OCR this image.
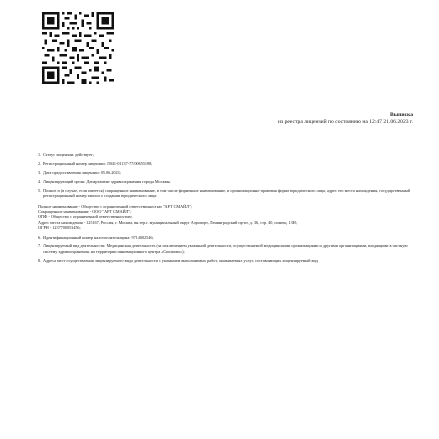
Выписка
из реестра лицензий по состоянию на 12:47 21.06.2023 г.
1. Статус лицензии: действует;
2. Регистрационный номер лицензии: Л041-01137-77/00655188;
3. Дата предоставления лицензии: 05.06.2023;
4. Лицензирующий орган: Департамент здравоохранения города Москвы;
5. Полное и (в случае, если имеется) сокращенное наименование, в том числе фирменное наименование, и организационно-правовая форма юридического лица, адрес его места нахождения, государственный регистрационный номер записи о создании юридического лица:

Полное наименование - Общество с ограниченной ответственностью "АРТ СМАЙЛ";

Сокращенное наименование - ООО "АРТ СМАЙЛ";

ОПФ - Общество с ограниченной ответственностью;

Адрес места нахождения - 125167, Россия, г. Москва, вн.тер.г. муниципальный округ Аэропорт, Ленинградский пр-кт, д. 36, стр. 40, помещ. 13Н;

ОГРН - 1237700053456;

6. Идентификационный номер налогоплательщика: 9714002546;
7. Лицензируемый вид деятельности: Медицинская деятельность (за исключением указанной деятельности, осуществляемой медицинскими организациями и другими организациями, входящими в частную систему здравоохранения, на территории инновационного центра «Сколково»);
8. Адреса мест осуществления лицензируемого вида деятельности с указанием выполняемых работ, оказываемых услуг, составляющих лицензируемый вид
